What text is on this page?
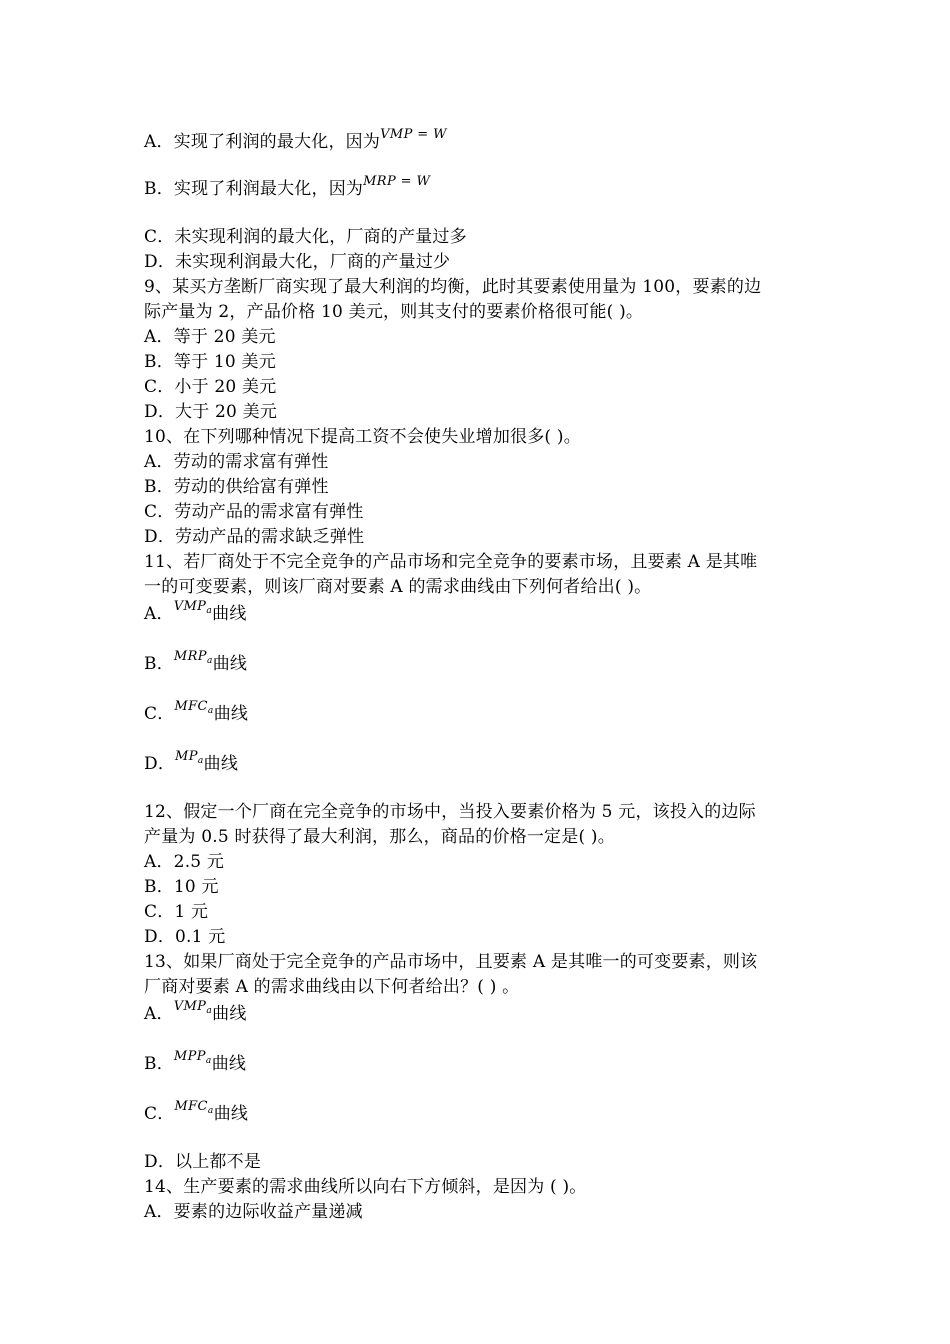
A．实现了利润的最大化，因为$^{VMP = W}$
B．实现了利润最大化，因为$^{MRP = W}$
C．未实现利润的最大化，厂商的产量过多
D．未实现利润最大化，厂商的产量过少
9、某买方垄断厂商实现了最大利润的均衡，此时其要素使用量为 100，要素的边
际产量为 2，产品价格 10 美元，则其支付的要素价格很可能( )。
A．等于 20 美元
B．等于 10 美元
C．小于 20 美元
D．大于 20 美元
10、在下列哪种情况下提高工资不会使失业增加很多( )。
A．劳动的需求富有弹性
B．劳动的供给富有弹性
C．劳动产品的需求富有弹性
D．劳动产品的需求缺乏弹性
11、若厂商处于不完全竞争的产品市场和完全竞争的要素市场，且要素 A 是其唯
一的可变要素，则该厂商对要素 A 的需求曲线由下列何者给出( )。
A．$^{VMP_a}$曲线
B．$^{MRP_a}$曲线
C．$^{MFC_a}$曲线
D．$^{MP_a}$曲线
12、假定一个厂商在完全竞争的市场中，当投入要素价格为 5 元，该投入的边际
产量为 0.5 时获得了最大利润，那么，商品的价格一定是( )。
A．2.5 元
B．10 元
C．1 元
D．0.1 元
13、如果厂商处于完全竞争的产品市场中，且要素 A 是其唯一的可变要素，则该
厂商对要素 A 的需求曲线由以下何者给出？( ) 。
A．$^{VMP_a}$曲线
B．$^{MPP_a}$曲线
C．$^{MFC_a}$曲线
D．以上都不是
14、生产要素的需求曲线所以向右下方倾斜，是因为 ( )。
A．要素的边际收益产量递减
